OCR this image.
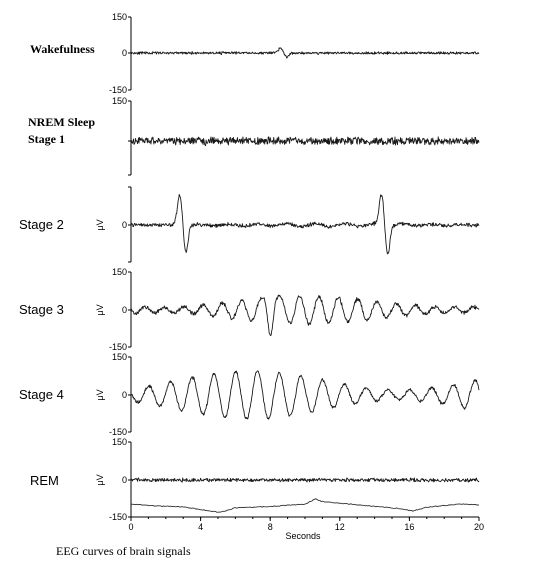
Wakefulness
150
0
-150
NREM Sleep
Stage 1
150
Stage 2	0
μV
Stage 3
150
0
-150
μV
Stage 4
150
0
-150
μV
REM
150
0
-150
μV
0	4	8	12	16	20
Seconds
EEG curves of brain signals
